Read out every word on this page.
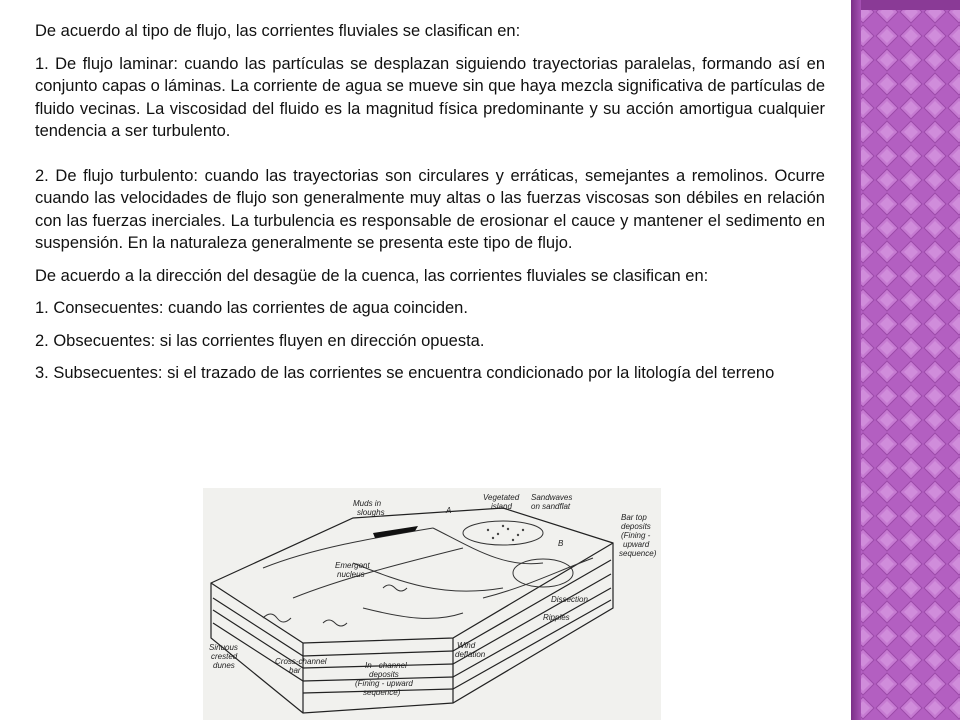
De acuerdo al tipo de flujo, las corrientes fluviales se clasifican en:

1. De flujo laminar: cuando las partículas se desplazan siguiendo trayectorias paralelas, formando así en conjunto capas o láminas. La corriente de agua se mueve sin que haya mezcla significativa de partículas de fluido vecinas. La viscosidad del fluido es la magnitud física predominante y su acción amortigua cualquier tendencia a ser turbulento.

2. De flujo turbulento: cuando las trayectorias son circulares y erráticas, semejantes a remolinos. Ocurre cuando las velocidades de flujo son generalmente muy altas o las fuerzas viscosas son débiles en relación con las fuerzas inerciales. La turbulencia es responsable de erosionar el cauce y mantener el sedimento en suspensión. En la naturaleza generalmente se presenta este tipo de flujo.

De acuerdo a la dirección del desagüe de la cuenca, las corrientes fluviales se clasifican en:

1. Consecuentes: cuando las corrientes de agua coinciden.

2. Obsecuentes: si las corrientes fluyen en dirección opuesta.

3. Subsecuentes: si el trazado de las corrientes se encuentra condicionado por la litología del terreno

Muds in
sloughs	A
Vegetated
island
Sandwaves
on sandflat
B
Bar top
deposits
(Fining -
upward
sequence)
Emergent
nucleus
Dissection
Ripples
Sinuous
crested
dunes	Cross-channel
bar
In - channel
deposits
(Fining - upward
sequence)
Wind
deflation
